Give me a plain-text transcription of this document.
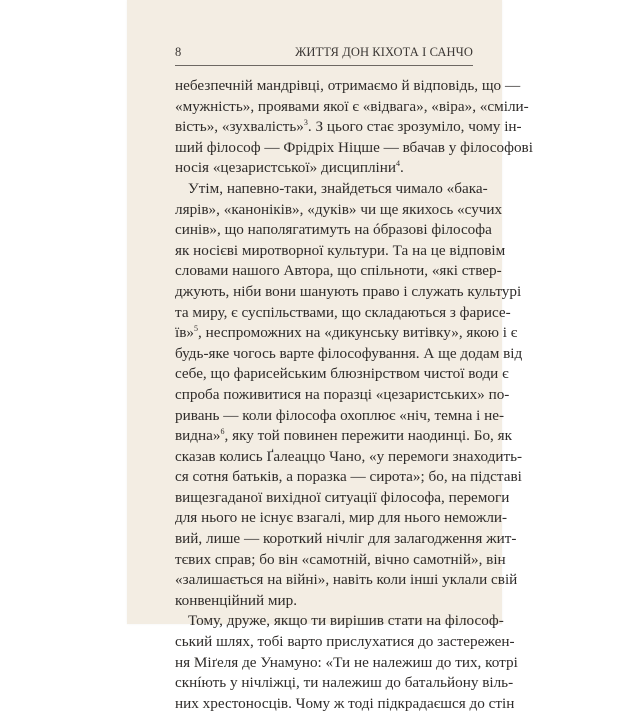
8	ЖИТТЯ ДОН КІХОТА І САНЧО
небезпечній мандрівці, отримаємо й відповідь, що —
«мужність», проявами якої є «відвага», «віра», «сміли-
вість», «зухвалість»$^3$. З цього стає зрозуміло, чому ін-
ший філософ — Фрідріх Ніцше — вбачав у філософові
носія «цезаристської» дисципліни$^4$.
Утім, напевно-таки, знайдеться чимало «бака-
лярів», «каноніків», «дуків» чи ще якихось «сучих
синів», що наполягатимуть на óбразові філософа
як носієві миротворної культури. Та на це відповім
словами нашого Автора, що спільноти, «які ствер-
джують, ніби вони шанують право і служать культурі
та миру, є суспільствами, що складаються з фарисе-
їв»$^5$, неспроможних на «дикунську витівку», якою і є
будь-яке чогось варте філософування. А ще додам від
себе, що фарисейським блюзнірством чистої води є
спроба поживитися на поразці «цезаристських» по-
ривань — коли філософа охоплює «ніч, темна і не-
видна»$^6$, яку той повинен пережити наодинці. Бо, як
сказав колись Ґалеаццо Чано, «у перемоги знаходить-
ся сотня батьків, а поразка — сирота»; бо, на підставі
вищезгаданої вихідної ситуації філософа, перемоги
для нього не існує взагалі, мир для нього неможли-
вий, лише — короткий нічліг для залагодження жит-
тєвих справ; бо він «самотній, вічно самотній», він
«залишається на війні», навіть коли інші уклали свій
конвенційний мир.
Тому, друже, якщо ти вирішив стати на філософ-
ський шлях, тобі варто прислухатися до застережен-
ня Міґеля де Унамуно: «Ти не належиш до тих, котрі
скнíють у нічліжці, ти належиш до батальйону віль-
них хрестоносців. Чому ж тоді підкрадаєшся до стін
